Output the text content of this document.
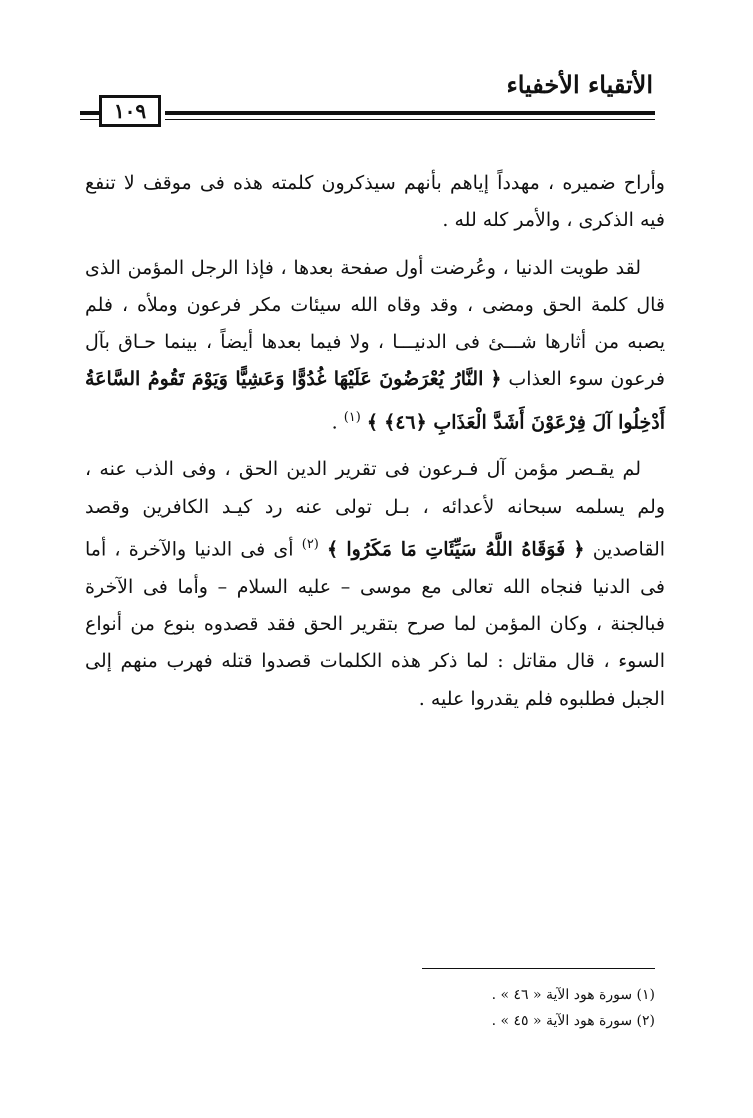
الأتقياء الأخفياء
١٠٩

وأراح ضميره ، مهدداً إياهم بأنهم سيذكرون كلمته هذه فى موقف لا تنفع فيه الذكرى ، والأمر كله لله .

لقد طويت الدنيا ، وعُرضت أول صفحة بعدها ، فإذا الرجل المؤمن الذى قال كلمة الحق ومضى ، وقد وقاه الله سيئات مكر فرعون وملأه ، فلم يصبه من أثارها شـــئ فى الدنيـــا ، ولا فيما بعدها أيضاً ، بينما حـاق بآل فرعون سوء العذاب ﴿ النَّارُ يُعْرَضُونَ عَلَيْهَا غُدُوًّا وَعَشِيًّا وَيَوْمَ تَقُومُ السَّاعَةُ أَدْخِلُوا آلَ فِرْعَوْنَ أَشَدَّ الْعَذَابِ ﴿٤٦﴾ ﴾ $^{(١)}$ .

لم يقـصر مؤمن آل فـرعون فى تقرير الدين الحق ، وفى الذب عنه ، ولم يسلمه سبحانه لأعدائه ، بـل تولى عنه رد كيـد الكافرين وقصد القاصدين ﴿ فَوَقَاهُ اللَّهُ سَيِّئَاتِ مَا مَكَرُوا ﴾ $^{(٢)}$ أى فى الدنيا والآخرة ، أما فى الدنيا فنجاه الله تعالى مع موسى – عليه السلام – وأما فى الآخرة فبالجنة ، وكان المؤمن لما صرح بتقرير الحق فقد قصدوه بنوع من أنواع السوء ، قال مقاتل : لما ذكر هذه الكلمات قصدوا قتله فهرب منهم إلى الجبل فطلبوه فلم يقدروا عليه .

(١) سورة هود الآية « ٤٦ » .
(٢) سورة هود الآية « ٤٥ » .
